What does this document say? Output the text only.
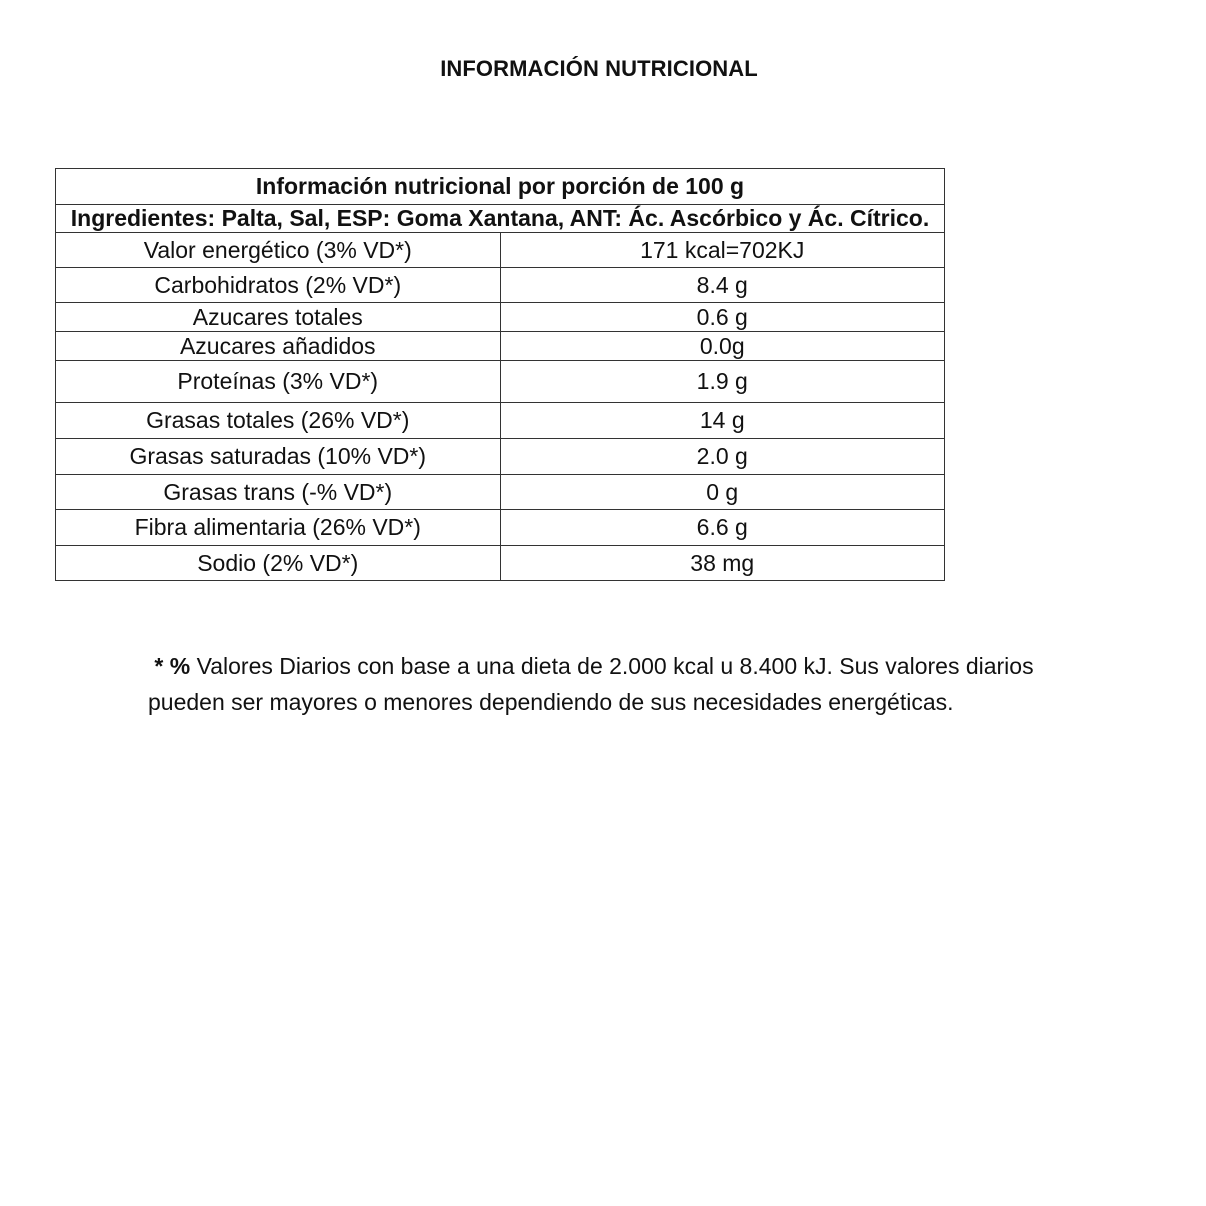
INFORMACIÓN NUTRICIONAL
Información nutricional por porción de 100 g	
Ingredientes: Palta, Sal, ESP: Goma Xantana, ANT: Ác. Ascórbico y Ác. Cítrico.	
Valor energético (3% VD*)	171 kcal=702KJ
Carbohidratos (2% VD*)	8.4 g
Azucares totales	0.6 g
Azucares añadidos	0.0g
Proteínas (3% VD*)	1.9 g
Grasas totales (26% VD*)	14 g
Grasas saturadas (10% VD*)	2.0 g
Grasas trans (-% VD*)	0 g
Fibra alimentaria (26% VD*)	6.6 g
Sodio (2% VD*)	38 mg
* % Valores Diarios con base a una dieta de 2.000 kcal u 8.400 kJ. Sus valores diarios
pueden ser mayores o menores dependiendo de sus necesidades energéticas.
